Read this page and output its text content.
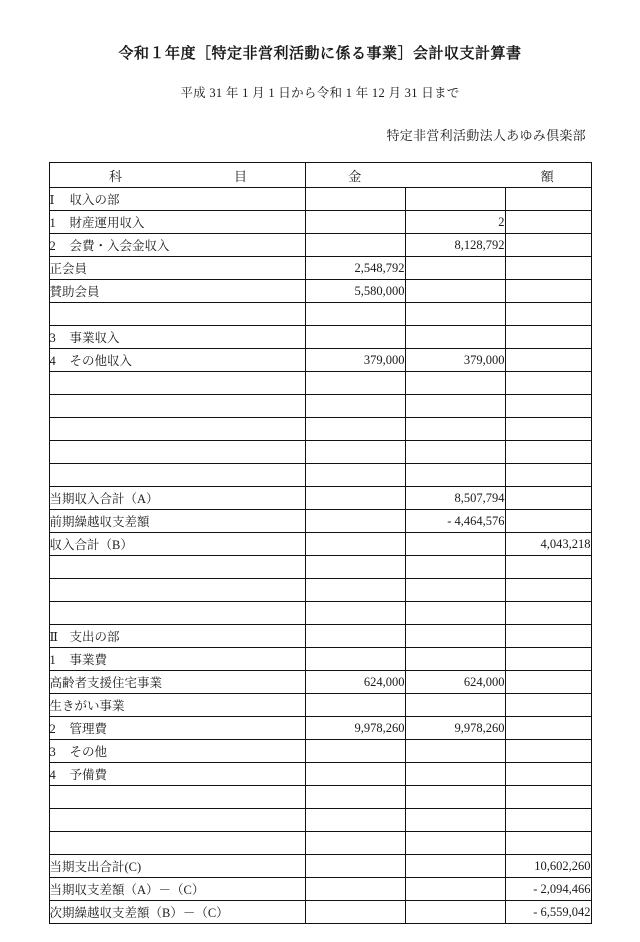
令和１年度［特定非営利活動に係る事業］会計収支計算書
平成 31 年 1 月 1 日から令和 1 年 12 月 31 日まで
特定非営利活動法人あゆみ倶楽部
科　　　　目	金		額
Ⅰ 収入の部			
1 財産運用収入		2	
2 会費・入会金収入		8,128,792	
正会員	2,548,792		
賛助会員	5,580,000		

3 事業収入			
4 その他収入	379,000	379,000	

当期収入合計（A）		8,507,794	
前期繰越収支差額		- 4,464,576	
収入合計（B）			4,043,218

Ⅱ 支出の部			
1 事業費			
高齢者支援住宅事業	624,000	624,000	
生きがい事業			
2 管理費	9,978,260	9,978,260	
3 その他			
4 予備費			

当期支出合計(C)			10,602,260
当期収支差額（A）－（C）			- 2,094,466
次期繰越収支差額（B）－（C）			- 6,559,042
